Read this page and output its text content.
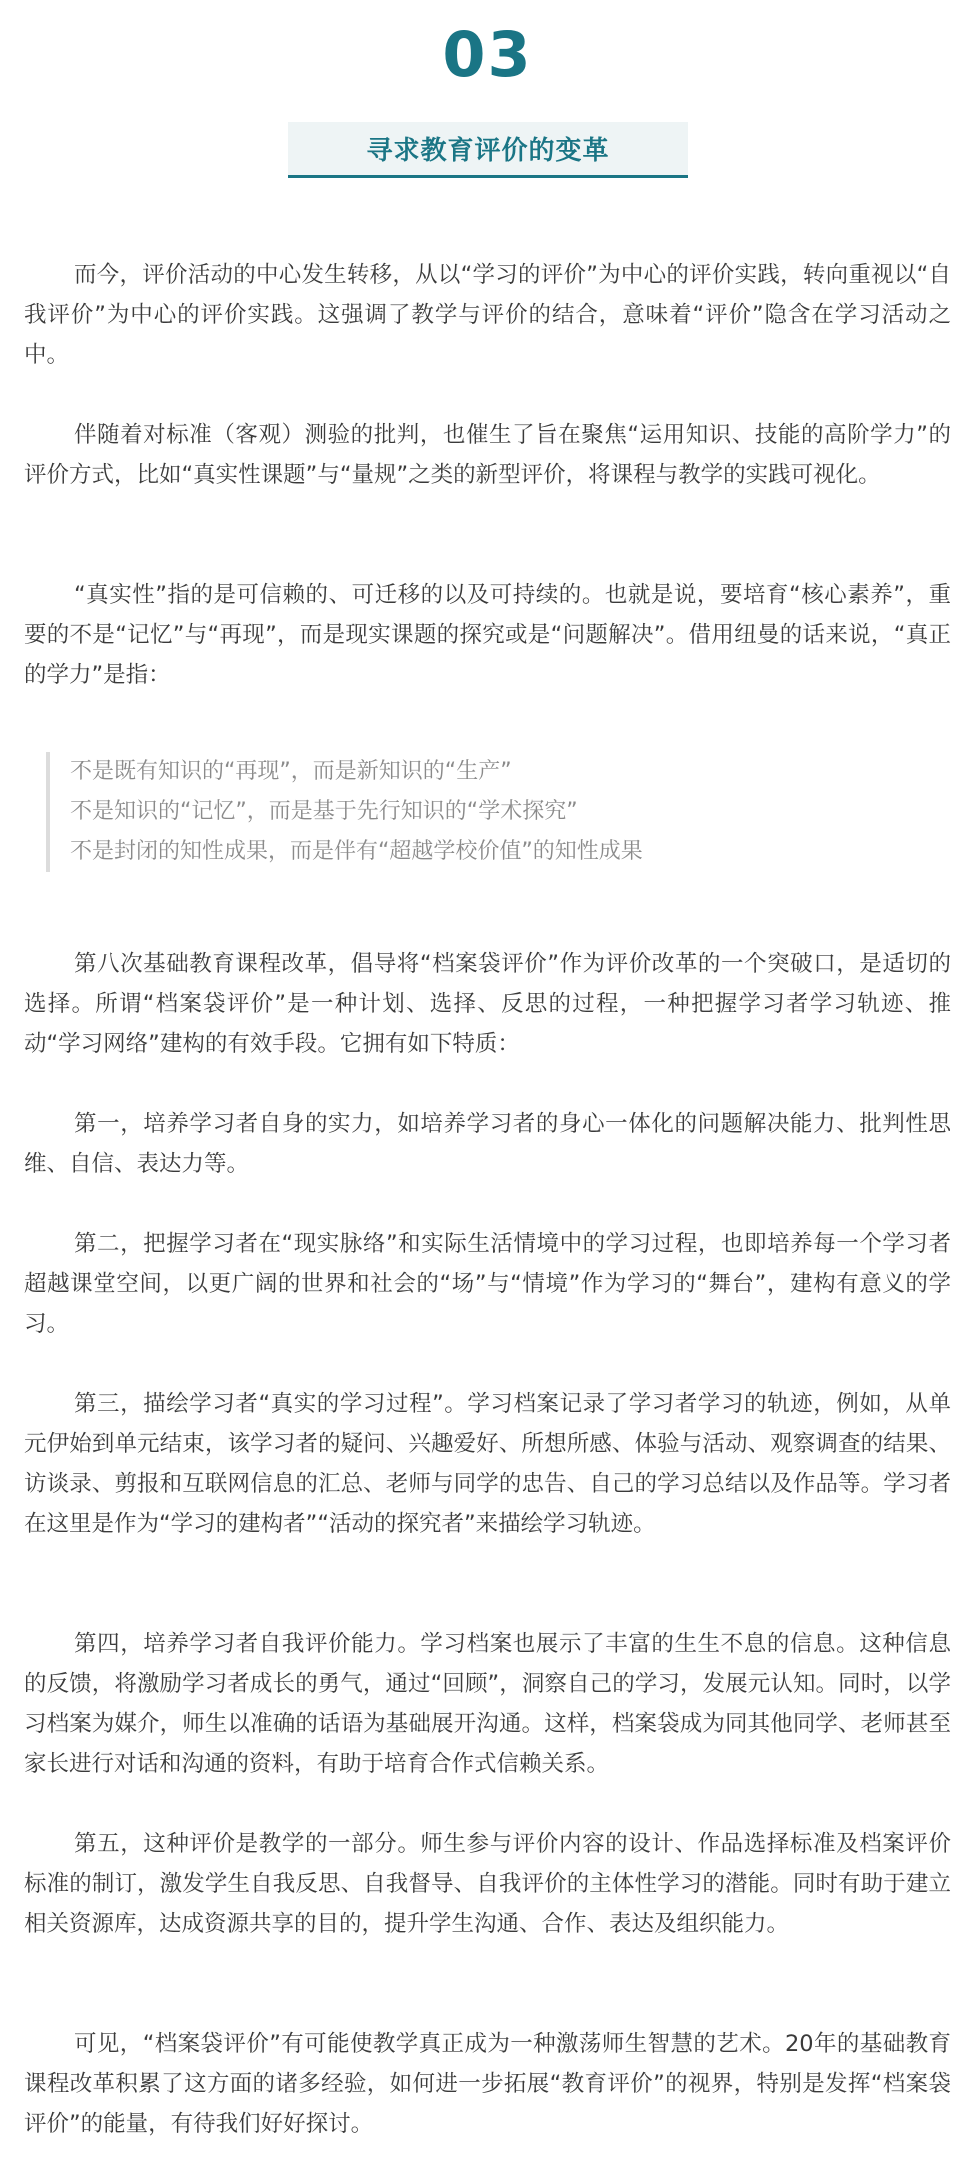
03
寻求教育评价的变革

而今，评价活动的中心发生转移，从以“学习的评价”为中心的评价实践，转向重视以“自我评价”为中心的评价实践。这强调了教学与评价的结合，意味着“评价”隐含在学习活动之中。

伴随着对标准（客观）测验的批判，也催生了旨在聚焦“运用知识、技能的高阶学力”的评价方式，比如“真实性课题”与“量规”之类的新型评价，将课程与教学的实践可视化。

“真实性”指的是可信赖的、可迁移的以及可持续的。也就是说，要培育“核心素养”，重要的不是“记忆”与“再现”，而是现实课题的探究或是“问题解决”。借用纽曼的话来说，“真正的学力”是指：

不是既有知识的“再现”，而是新知识的“生产”
不是知识的“记忆”，而是基于先行知识的“学术探究”
不是封闭的知性成果，而是伴有“超越学校价值”的知性成果

第八次基础教育课程改革，倡导将“档案袋评价”作为评价改革的一个突破口，是适切的选择。所谓“档案袋评价”是一种计划、选择、反思的过程，一种把握学习者学习轨迹、推动“学习网络”建构的有效手段。它拥有如下特质：

第一，培养学习者自身的实力，如培养学习者的身心一体化的问题解决能力、批判性思维、自信、表达力等。

第二，把握学习者在“现实脉络”和实际生活情境中的学习过程，也即培养每一个学习者超越课堂空间，以更广阔的世界和社会的“场”与“情境”作为学习的“舞台”，建构有意义的学习。

第三，描绘学习者“真实的学习过程”。学习档案记录了学习者学习的轨迹，例如，从单元伊始到单元结束，该学习者的疑问、兴趣爱好、所想所感、体验与活动、观察调查的结果、访谈录、剪报和互联网信息的汇总、老师与同学的忠告、自己的学习总结以及作品等。学习者在这里是作为“学习的建构者”“活动的探究者”来描绘学习轨迹。

第四，培养学习者自我评价能力。学习档案也展示了丰富的生生不息的信息。这种信息的反馈，将激励学习者成长的勇气，通过“回顾”，洞察自己的学习，发展元认知。同时，以学习档案为媒介，师生以准确的话语为基础展开沟通。这样，档案袋成为同其他同学、老师甚至家长进行对话和沟通的资料，有助于培育合作式信赖关系。

第五，这种评价是教学的一部分。师生参与评价内容的设计、作品选择标准及档案评价标准的制订，激发学生自我反思、自我督导、自我评价的主体性学习的潜能。同时有助于建立相关资源库，达成资源共享的目的，提升学生沟通、合作、表达及组织能力。

可见，“档案袋评价”有可能使教学真正成为一种激荡师生智慧的艺术。20年的基础教育课程改革积累了这方面的诸多经验，如何进一步拓展“教育评价”的视界，特别是发挥“档案袋评价”的能量，有待我们好好探讨。
